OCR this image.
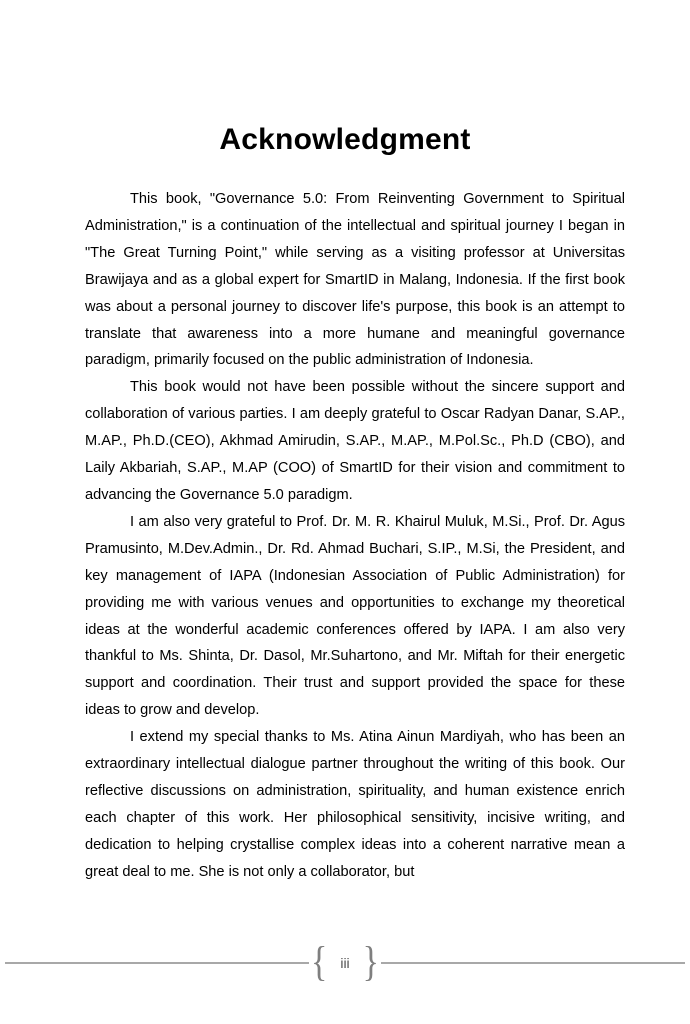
Acknowledgment

This book, "Governance 5.0: From Reinventing Government to Spiritual Administration," is a continuation of the intellectual and spiritual journey I began in "The Great Turning Point," while serving as a visiting professor at Universitas Brawijaya and as a global expert for SmartID in Malang, Indonesia. If the first book was about a personal journey to discover life's purpose, this book is an attempt to translate that awareness into a more humane and meaningful governance paradigm, primarily focused on the public administration of Indonesia.

This book would not have been possible without the sincere support and collaboration of various parties. I am deeply grateful to Oscar Radyan Danar, S.AP., M.AP., Ph.D.(CEO), Akhmad Amirudin, S.AP., M.AP., M.Pol.Sc., Ph.D (CBO), and Laily Akbariah, S.AP., M.AP (COO) of SmartID for their vision and commitment to advancing the Governance 5.0 paradigm.

I am also very grateful to Prof. Dr. M. R. Khairul Muluk, M.Si., Prof. Dr. Agus Pramusinto, M.Dev.Admin., Dr. Rd. Ahmad Buchari, S.IP., M.Si, the President, and key management of IAPA (Indonesian Association of Public Administration) for providing me with various venues and opportunities to exchange my theoretical ideas at the wonderful academic conferences offered by IAPA. I am also very thankful to Ms. Shinta, Dr. Dasol, Mr.Suhartono, and Mr. Miftah for their energetic support and coordination. Their trust and support provided the space for these ideas to grow and develop.

I extend my special thanks to Ms. Atina Ainun Mardiyah, who has been an extraordinary intellectual dialogue partner throughout the writing of this book. Our reflective discussions on administration, spirituality, and human existence enrich each chapter of this work. Her philosophical sensitivity, incisive writing, and dedication to helping crystallise complex ideas into a coherent narrative mean a great deal to me. She is not only a collaborator, but

{ iii }
